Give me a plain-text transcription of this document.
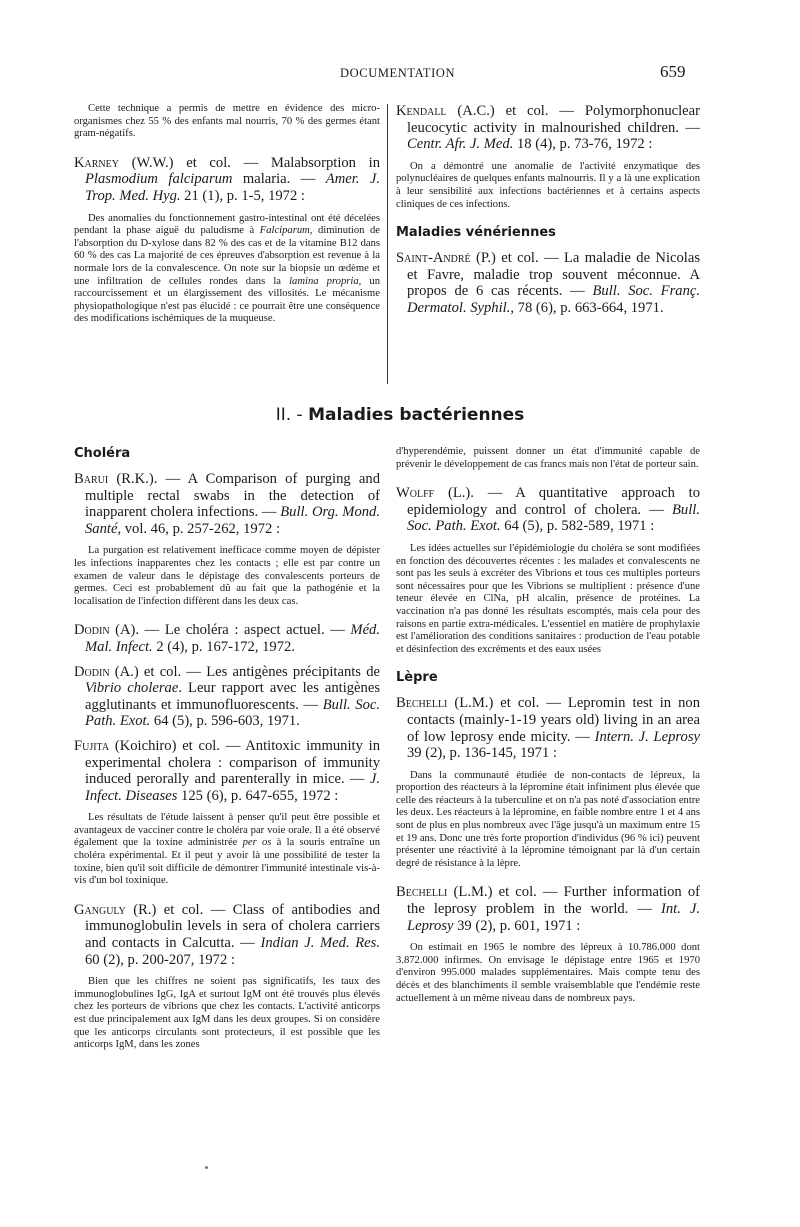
DOCUMENTATION	659

Cette technique a permis de mettre en évidence des micro-organismes chez 55 % des enfants mal nourris, 70 % des germes étant gram-négatifs.

Karney (W.W.) et col. — Malabsorption in Plasmodium falciparum malaria. — Amer. J. Trop. Med. Hyg. 21 (1), p. 1-5, 1972 :

Des anomalies du fonctionnement gastro-intestinal ont été décelées pendant la phase aiguë du paludisme à Falciparum, diminution de l'absorption du D-xylose dans 82 % des cas et de la vitamine B12 dans 60 % des cas La majorité de ces épreuves d'absorption est revenue à la normale lors de la convalescence. On note sur la biopsie un œdème et une infiltration de cellules rondes dans la lamina propria, un raccourcissement et un élargissement des villosités. Le mécanisme physiopathologique n'est pas élucidé : ce pourrait être une conséquence des modifications ischémiques de la muqueuse.

Kendall (A.C.) et col. — Polymorphonuclear leucocytic activity in malnourished children. — Centr. Afr. J. Med. 18 (4), p. 73-76, 1972 :

On a démontré une anomalie de l'activité enzymatique des polynucléaires de quelques enfants malnourris. Il y a là une explication à leur sensibilité aux infections bactériennes et à certains aspects cliniques de ces infections.

Maladies vénériennes

Saint-André (P.) et col. — La maladie de Nicolas et Favre, maladie trop souvent méconnue. A propos de 6 cas récents. — Bull. Soc. Franç. Dermatol. Syphil., 78 (6), p. 663-664, 1971.

II. - Maladies bactériennes
Choléra

Barui (R.K.). — A Comparison of purging and multiple rectal swabs in the detection of inapparent cholera infections. — Bull. Org. Mond. Santé, vol. 46, p. 257-262, 1972 :

La purgation est relativement inefficace comme moyen de dépister les infections inapparentes chez les contacts ; elle est par contre un examen de valeur dans le dépistage des convalescents porteurs de germes. Ceci est probablement dû au fait que la pathogénie et la localisation de l'infection diffèrent dans les deux cas.

Dodin (A). — Le choléra : aspect actuel. — Méd. Mal. Infect. 2 (4), p. 167-172, 1972.

Dodin (A.) et col. — Les antigènes précipitants de Vibrio cholerae. Leur rapport avec les antigènes agglutinants et immunofluorescents. — Bull. Soc. Path. Exot. 64 (5), p. 596-603, 1971.

Fujita (Koichiro) et col. — Antitoxic immunity in experimental cholera : comparison of immunity induced perorally and parenterally in mice. — J. Infect. Diseases 125 (6), p. 647-655, 1972 :

Les résultats de l'étude laissent à penser qu'il peut être possible et avantageux de vacciner contre le choléra par voie orale. Il a été observé également que la toxine administrée per os à la souris entraîne un choléra expérimental. Et il peut y avoir là une possibilité de tester la toxine, bien qu'il soit difficile de démontrer l'immunité intestinale vis-à-vis d'un bol toxinique.

Ganguly (R.) et col. — Class of antibodies and immunoglobulin levels in sera of cholera carriers and contacts in Calcutta. — Indian J. Med. Res. 60 (2), p. 200-207, 1972 :

Bien que les chiffres ne soient pas significatifs, les taux des immunoglobulines IgG, IgA et surtout IgM ont été trouvés plus élevés chez les porteurs de vibrions que chez les contacts. L'activité anticorps est due principalement aux IgM dans les deux groupes. Si on considère que les anticorps circulants sont protecteurs, il est possible que les anticorps IgM, dans les zones

d'hyperendémie, puissent donner un état d'immunité capable de prévenir le développement de cas francs mais non l'état de porteur sain.

Wolff (L.). — A quantitative approach to epidemiology and control of cholera. — Bull. Soc. Path. Exot. 64 (5), p. 582-589, 1971 :

Les idées actuelles sur l'épidémiologie du choléra se sont modifiées en fonction des découvertes récentes : les malades et convalescents ne sont pas les seuls à excréter des Vibrions et tous ces multiples porteurs sont nécessaires pour que les Vibrions se multiplient : présence d'une teneur élevée en ClNa, pH alcalin, présence de protéines. La vaccination n'a pas donné les résultats escomptés, mais cela pour des raisons en partie extra-médicales. L'essentiel en matière de prophylaxie est l'amélioration des conditions sanitaires : production de l'eau potable et désinfection des excréments et des eaux usées

Lèpre

Bechelli (L.M.) et col. — Lepromin test in non contacts (mainly-1-19 years old) living in an area of low leprosy ende micity. — Intern. J. Leprosy 39 (2), p. 136-145, 1971 :

Dans la communauté étudiée de non-contacts de lépreux, la proportion des réacteurs à la lépromine était infiniment plus élevée que celle des réacteurs à la tuberculine et on n'a pas noté d'association entre les deux. Les réacteurs à la lépromine, en faible nombre entre 1 et 4 ans sont de plus en plus nombreux avec l'âge jusqu'à un maximum entre 15 et 19 ans. Donc une très forte proportion d'individus (96 % ici) peuvent présenter une réactivité à la lépromine témoignant par là d'un certain degré de résistance à la lèpre.

Bechelli (L.M.) et col. — Further information of the leprosy problem in the world. — Int. J. Leprosy 39 (2), p. 601, 1971 :

On estimait en 1965 le nombre des lépreux à 10.786.000 dont 3.872.000 infirmes. On envisage le dépistage entre 1965 et 1970 d'environ 995.000 malades supplémentaires. Mais compte tenu des décès et des blanchiments il semble vraisemblable que l'endémie reste actuellement à un même niveau dans de nombreux pays.
